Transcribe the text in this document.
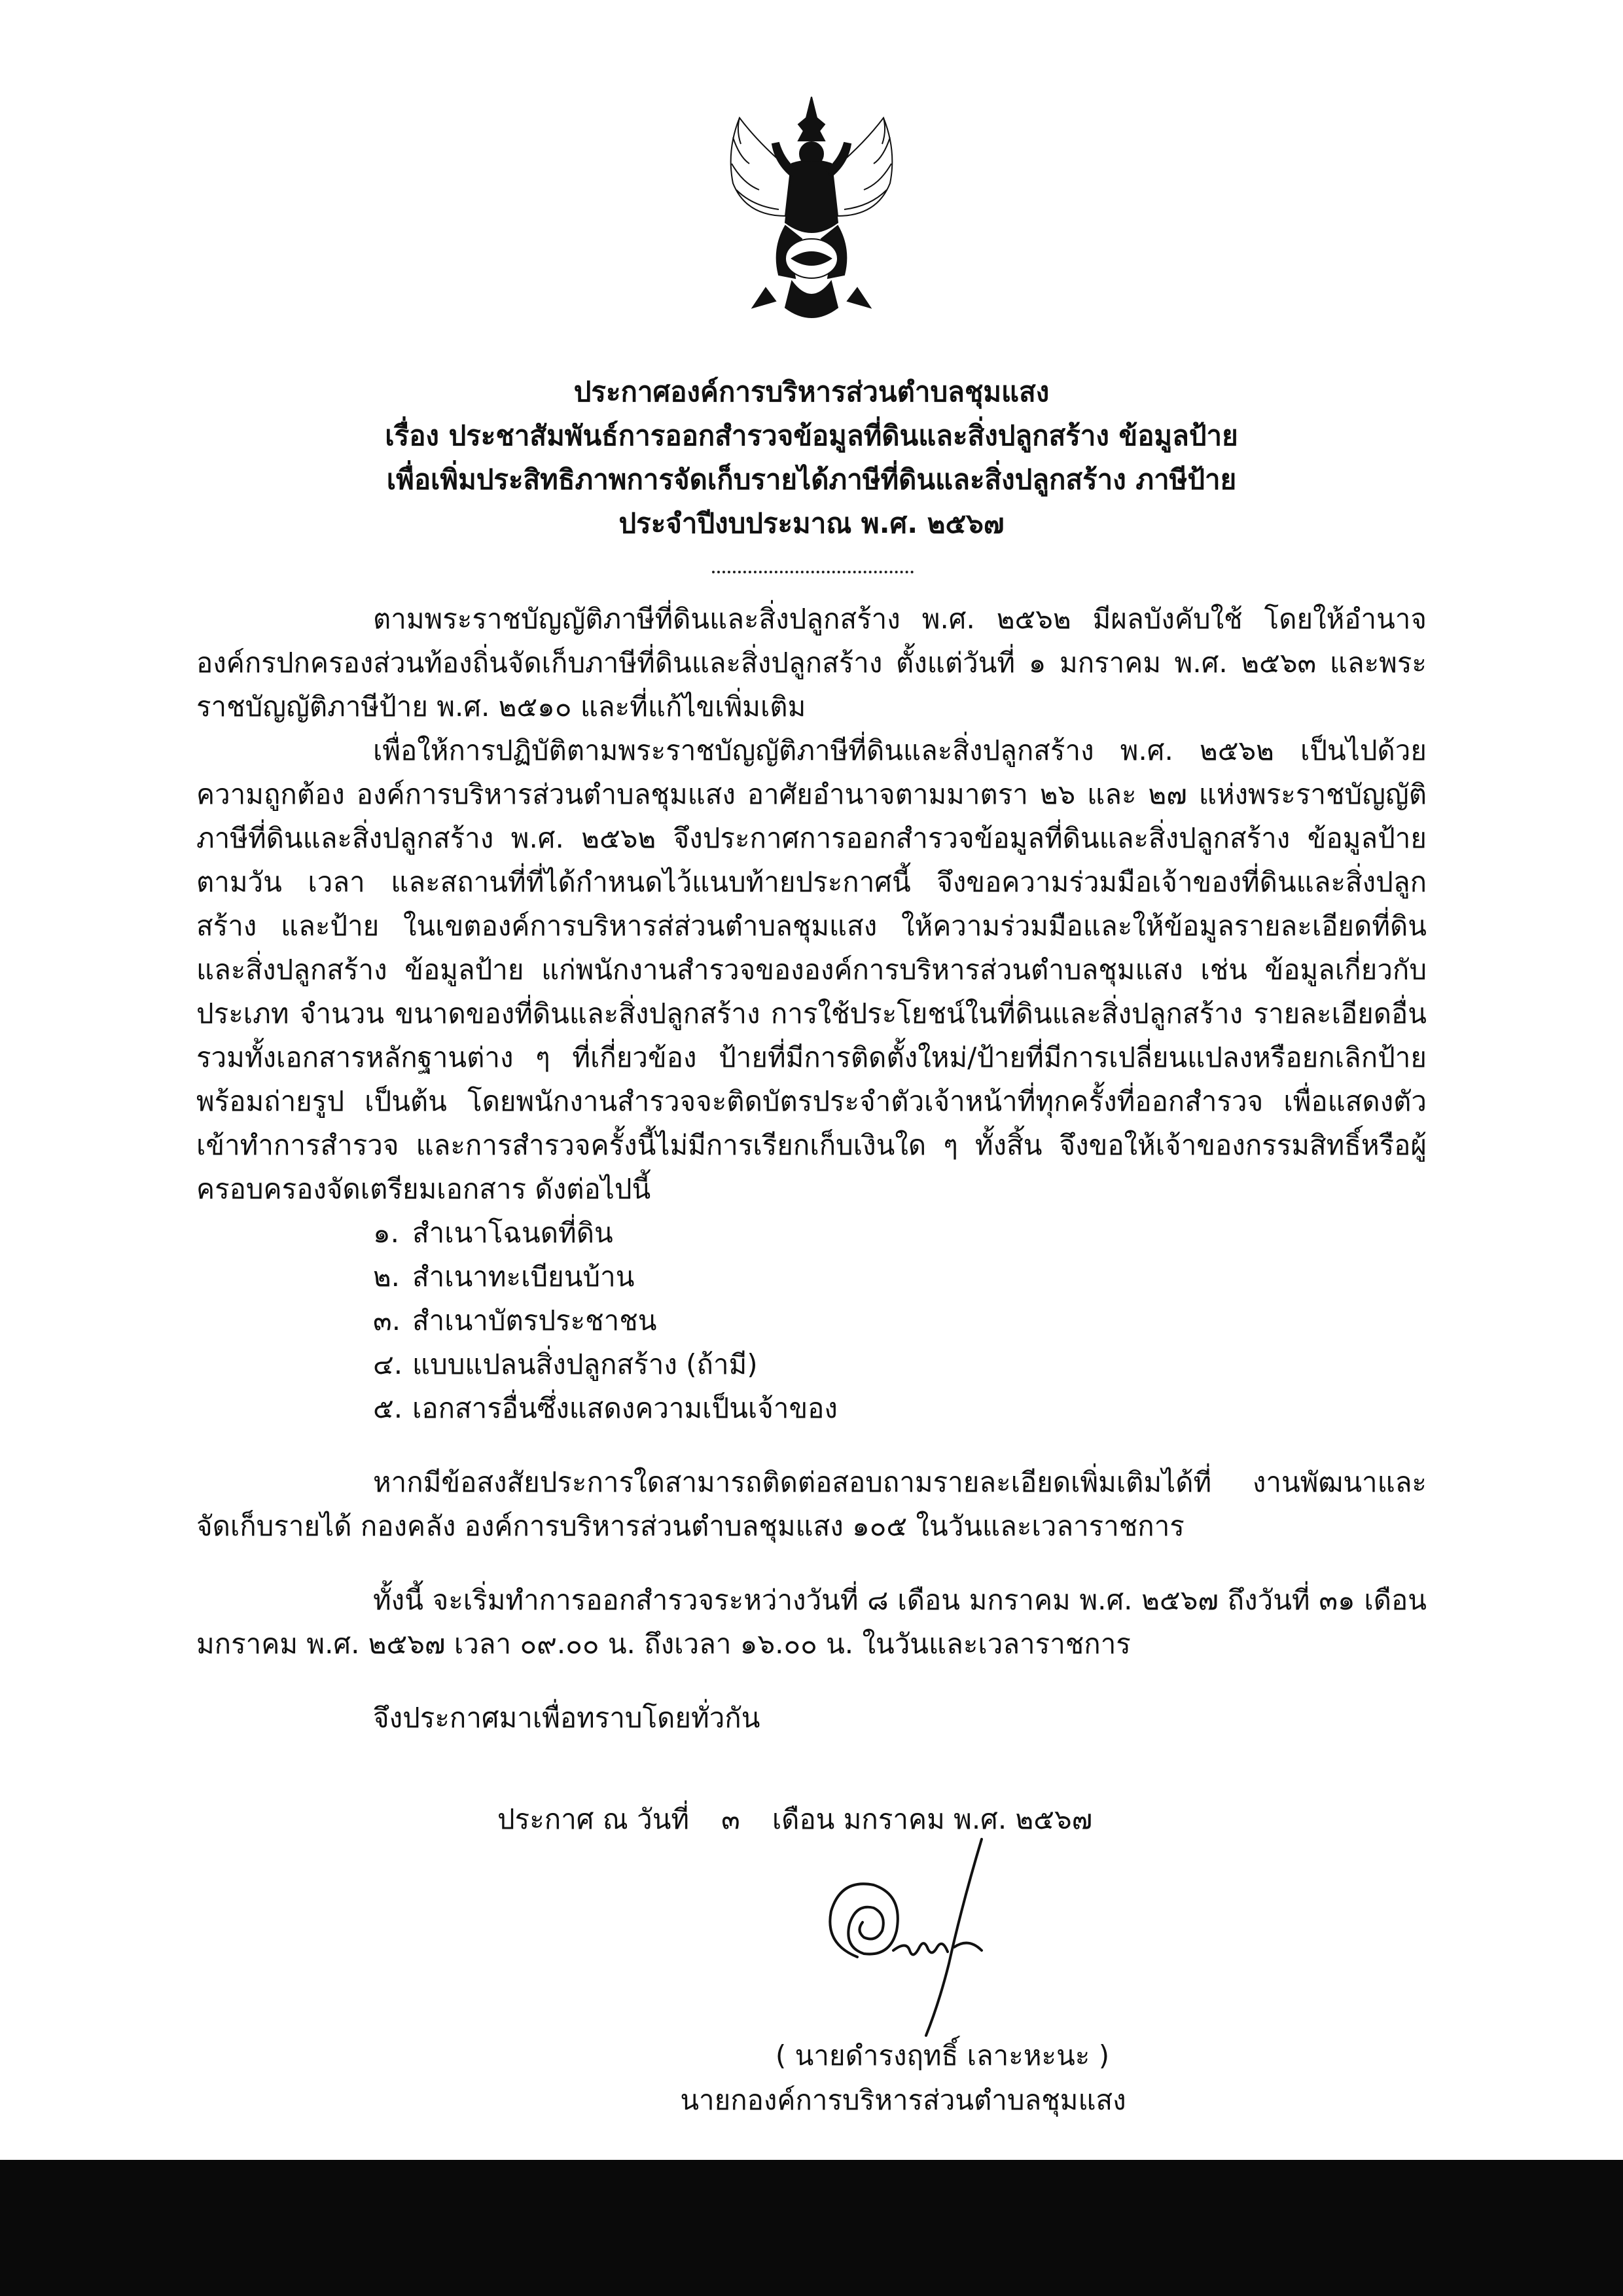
ประกาศองค์การบริหารส่วนตำบลชุมแสง
เรื่อง ประชาสัมพันธ์การออกสำรวจข้อมูลที่ดินและสิ่งปลูกสร้าง ข้อมูลป้าย
เพื่อเพิ่มประสิทธิภาพการจัดเก็บรายได้ภาษีที่ดินและสิ่งปลูกสร้าง ภาษีป้าย
ประจำปีงบประมาณ พ.ศ. ๒๕๖๗

ตามพระราชบัญญัติภาษีที่ดินและสิ่งปลูกสร้าง พ.ศ. ๒๕๖๒ มีผลบังคับใช้ โดยให้อำนาจองค์กรปกครองส่วนท้องถิ่นจัดเก็บภาษีที่ดินและสิ่งปลูกสร้าง ตั้งแต่วันที่ ๑ มกราคม พ.ศ. ๒๕๖๓ และพระราชบัญญัติภาษีป้าย พ.ศ. ๒๕๑๐ และที่แก้ไขเพิ่มเติม

เพื่อให้การปฏิบัติตามพระราชบัญญัติภาษีที่ดินและสิ่งปลูกสร้าง พ.ศ. ๒๕๖๒ เป็นไปด้วยความถูกต้อง องค์การบริหารส่วนตำบลชุมแสง อาศัยอำนาจตามมาตรา ๒๖ และ ๒๗ แห่งพระราชบัญญัติภาษีที่ดินและสิ่งปลูกสร้าง พ.ศ. ๒๕๖๒ จึงประกาศการออกสำรวจข้อมูลที่ดินและสิ่งปลูกสร้าง ข้อมูลป้าย ตามวัน เวลา และสถานที่ที่ได้กำหนดไว้แนบท้ายประกาศนี้ จึงขอความร่วมมือเจ้าของที่ดินและสิ่งปลูกสร้าง และป้าย ในเขตองค์การบริหารส่ส่วนตำบลชุมแสง ให้ความร่วมมือและให้ข้อมูลรายละเอียดที่ดินและสิ่งปลูกสร้าง ข้อมูลป้าย แก่พนักงานสำรวจขององค์การบริหารส่วนตำบลชุมแสง เช่น ข้อมูลเกี่ยวกับประเภท จำนวน ขนาดของที่ดินและสิ่งปลูกสร้าง การใช้ประโยชน์ในที่ดินและสิ่งปลูกสร้าง รายละเอียดอื่น รวมทั้งเอกสารหลักฐานต่าง ๆ ที่เกี่ยวข้อง ป้ายที่มีการติดตั้งใหม่/ป้ายที่มีการเปลี่ยนแปลงหรือยกเลิกป้ายพร้อมถ่ายรูป เป็นต้น โดยพนักงานสำรวจจะติดบัตรประจำตัวเจ้าหน้าที่ทุกครั้งที่ออกสำรวจ เพื่อแสดงตัวเข้าทำการสำรวจ และการสำรวจครั้งนี้ไม่มีการเรียกเก็บเงินใด ๆ ทั้งสิ้น จึงขอให้เจ้าของกรรมสิทธิ์หรือผู้ครอบครองจัดเตรียมเอกสาร ดังต่อไปนี้

๑. สำเนาโฉนดที่ดิน
๒. สำเนาทะเบียนบ้าน
๓. สำเนาบัตรประชาชน
๔. แบบแปลนสิ่งปลูกสร้าง (ถ้ามี)
๕. เอกสารอื่นซึ่งแสดงความเป็นเจ้าของ

หากมีข้อสงสัยประการใดสามารถติดต่อสอบถามรายละเอียดเพิ่มเติมได้ที่ งานพัฒนาและจัดเก็บรายได้ กองคลัง องค์การบริหารส่วนตำบลชุมแสง ๑๐๕ ในวันและเวลาราชการ

ทั้งนี้ จะเริ่มทำการออกสำรวจระหว่างวันที่ ๘ เดือน มกราคม พ.ศ. ๒๕๖๗ ถึงวันที่ ๓๑ เดือนมกราคม พ.ศ. ๒๕๖๗ เวลา ๐๙.๐๐ น. ถึงเวลา ๑๖.๐๐ น. ในวันและเวลาราชการ

จึงประกาศมาเพื่อทราบโดยทั่วกัน

ประกาศ ณ วันที่ ๓ เดือน มกราคม พ.ศ. ๒๕๖๗
( นายดำรงฤทธิ์ เลาะหะนะ )
นายกองค์การบริหารส่วนตำบลชุมแสง
